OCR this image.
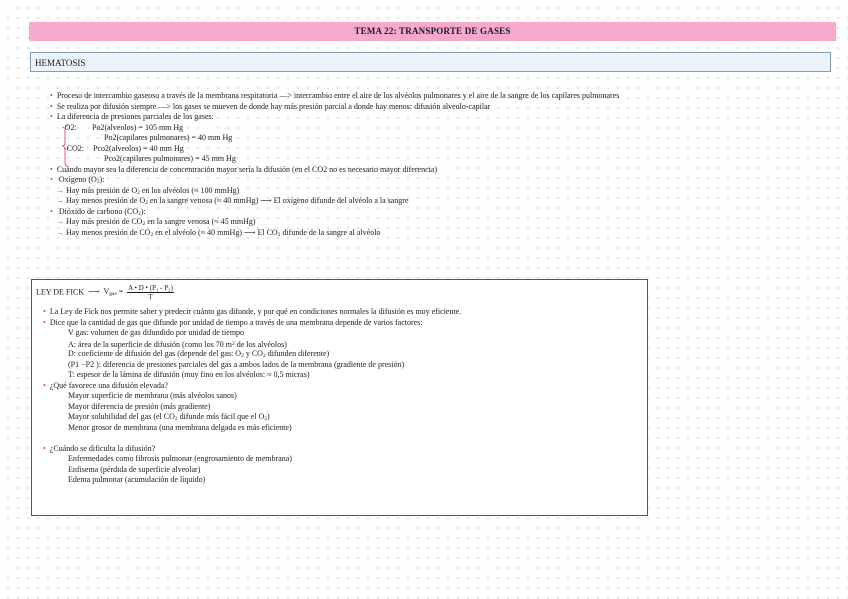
TEMA 22: TRANSPORTE DE GASES
HEMATOSIS
• Proceso de intercambio gaseoso a través de la membrana respiratoria —> intercambio entre el aire de los alvéolos pulmonares y el aire de la sangre de los capilares pulmonares
• Se realiza por difusión siempre —> los gases se mueven de donde hay más presión parcial a donde hay menos: difusión alveolo-capilar
• La diferencia de presiones parciales de los gases:
-O2: Po2(alveolos) = 105 mm Hg
Po2(capilares pulmonares) = 40 mm Hg
-CO2: Pco2(alveolos) = 40 mm Hg
Pco2(capilares pulmonares) = 45 mm Hg
• Cuando mayor sea la diferencia de concentración mayor sería la difusión (en el CO2 no es necesario mayor diferencia)
• Oxígeno (O2):
→ Hay más presión de O2 en los alvéolos (≈ 100 mmHg)
→ Hay menos presión de O2 en la sangre venosa (≈ 40 mmHg) ⟶ El oxígeno difunde del alvéolo a la sangre
• Dióxido de carbono (CO2):
→ Hay más presión de CO2 en la sangre venosa (≈ 45 mmHg)
→ Hay menos presión de CO2 en el alvéolo (≈ 40 mmHg) ⟶ El CO2 difunde de la sangre al alvéolo
LEY DE FICK ⟶ Vgas = $\frac{\text{A • D • (P₁ - P₂)}}{T}$
• La Ley de Fick nos permite saber y predecir cuánto gas difunde, y por qué en condiciones normales la difusión es muy eficiente.
• Dice que la cantidad de gas que difunde por unidad de tiempo a través de una membrana depende de varios factores:
V gas: volumen de gas difundido por unidad de tiempo
A: área de la superficie de difusión (como los 70 $m^2$ de los alvéolos)
D: coeficiente de difusión del gas (depende del gas: O2 y CO2 difunden diferente)
(P1 −P2 ): diferencia de presiones parciales del gas a ambos lados de la membrana (gradiente de presión)
T: espesor de la lámina de difusión (muy fino en los alvéolos: ≈ 0,5 micras)
• ¿Qué favorece una difusión elevada?
Mayor superficie de membrana (más alvéolos sanos)
Mayor diferencia de presión (más gradiente)
Mayor solubilidad del gas (el CO2 difunde más fácil que el O2)
Menor grosor de membrana (una membrana delgada es más eficiente)
• ¿Cuándo se dificulta la difusión?
Enfermedades como fibrosis pulmonar (engrosamiento de membrana)
Enfisema (pérdida de superficie alveolar)
Edema pulmonar (acumulación de líquido)
